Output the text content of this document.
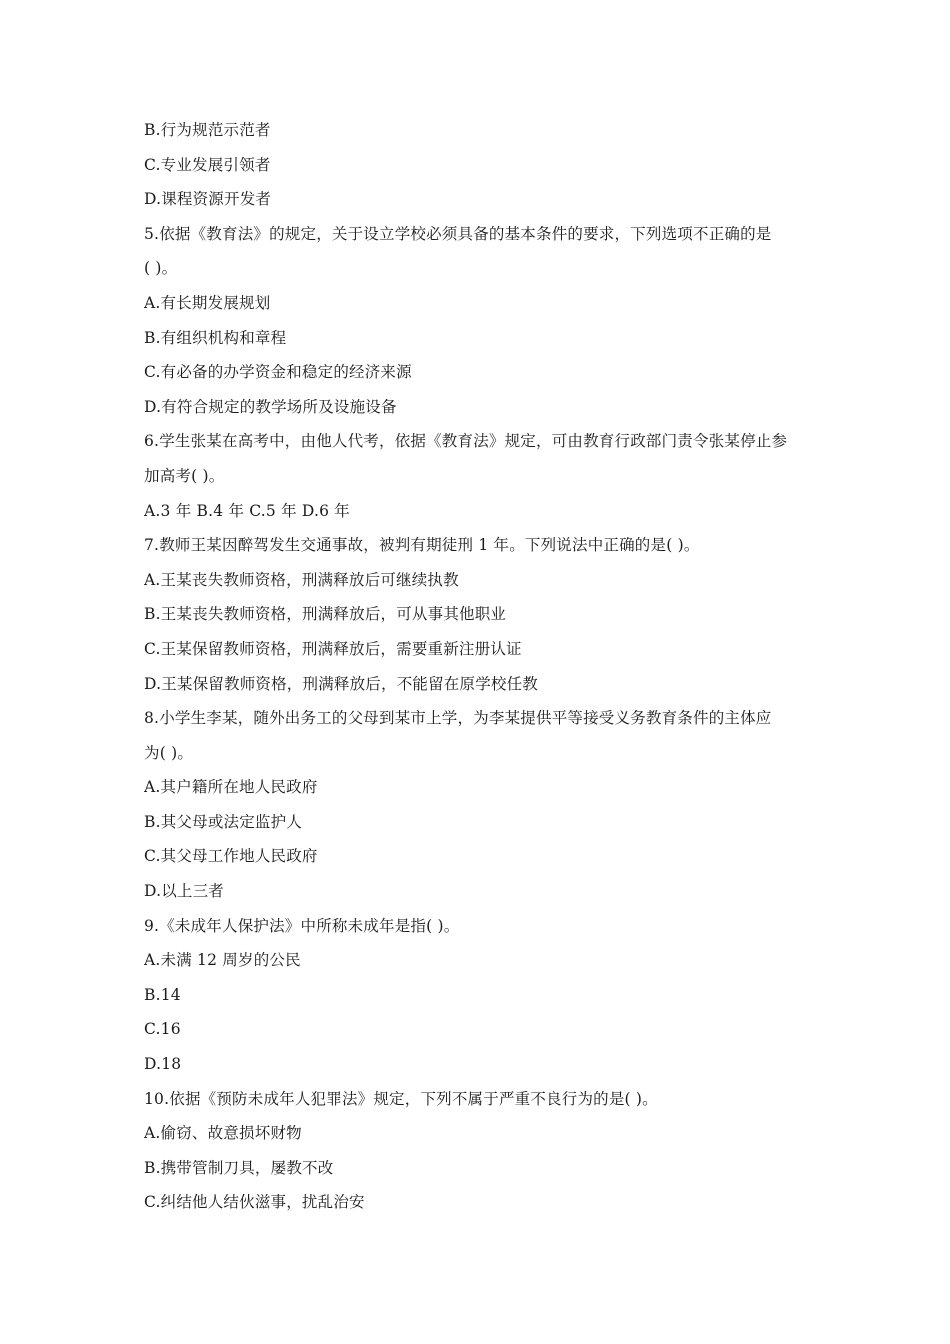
B.行为规范示范者
C.专业发展引领者
D.课程资源开发者
5.依据《教育法》的规定，关于设立学校必须具备的基本条件的要求，下列选项不正确的是
( )。
A.有长期发展规划
B.有组织机构和章程
C.有必备的办学资金和稳定的经济来源
D.有符合规定的教学场所及设施设备
6.学生张某在高考中，由他人代考，依据《教育法》规定，可由教育行政部门责令张某停止参
加高考( )。
A.3 年 B.4 年 C.5 年 D.6 年
7.教师王某因醉驾发生交通事故，被判有期徒刑 1 年。下列说法中正确的是( )。
A.王某丧失教师资格，刑满释放后可继续执教
B.王某丧失教师资格，刑满释放后，可从事其他职业
C.王某保留教师资格，刑满释放后，需要重新注册认证
D.王某保留教师资格，刑满释放后，不能留在原学校任教
8.小学生李某，随外出务工的父母到某市上学，为李某提供平等接受义务教育条件的主体应
为( )。
A.其户籍所在地人民政府
B.其父母或法定监护人
C.其父母工作地人民政府
D.以上三者
9.《未成年人保护法》中所称未成年是指( )。
A.未满 12 周岁的公民
B.14
C.16
D.18
10.依据《预防未成年人犯罪法》规定，下列不属于严重不良行为的是( )。
A.偷窃、故意损坏财物
B.携带管制刀具，屡教不改
C.纠结他人结伙滋事，扰乱治安
